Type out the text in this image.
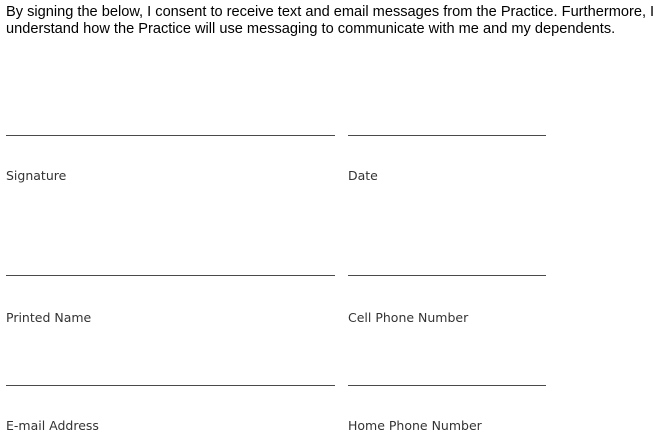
By signing the below, I consent to receive text and email messages from the Practice. Furthermore, I
understand how the Practice will use messaging to communicate with me and my dependents.

Signature	Date
Printed Name	Cell Phone Number
E-mail Address	Home Phone Number
